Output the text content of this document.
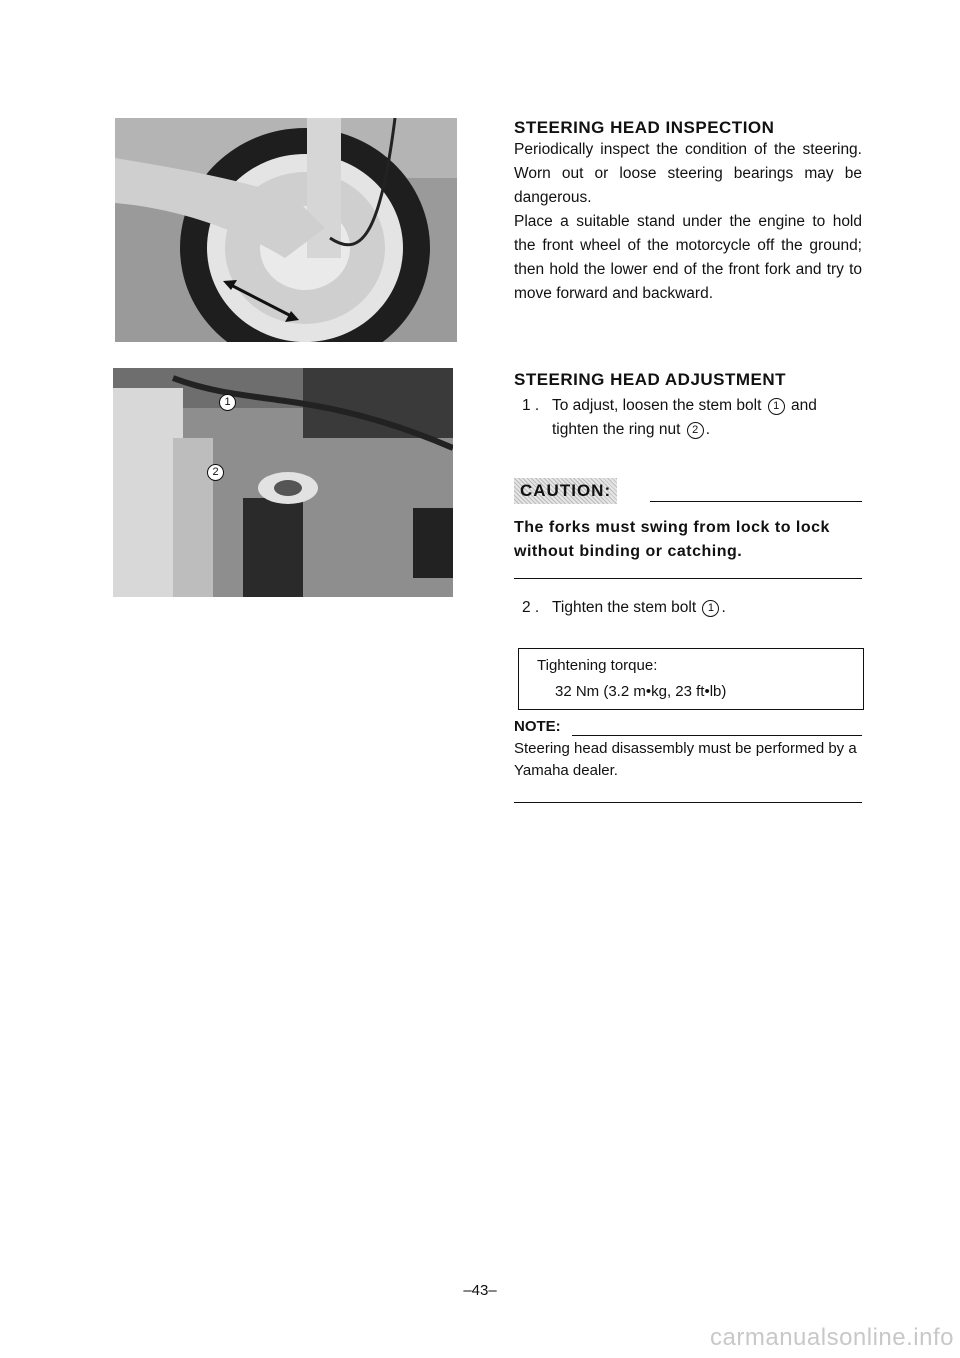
1
2
STEERING HEAD INSPECTION

Periodically inspect the condition of the steering. Worn out or loose steering bearings may be dangerous.

Place a suitable stand under the engine to hold the front wheel of the motorcycle off the ground; then hold the lower end of the front fork and try to move forward and backward.

STEERING HEAD ADJUSTMENT
1 . To adjust, loosen the stem bolt 1 and tighten the ring nut 2 .
CAUTION:
The forks must swing from lock to lock without binding or catching.
2 . Tighten the stem bolt 1 .
Tightening torque:
32 Nm (3.2 m•kg, 23 ft•lb)
NOTE:
Steering head disassembly must be performed by a Yamaha dealer.
–43–
carmanualsonline.info
